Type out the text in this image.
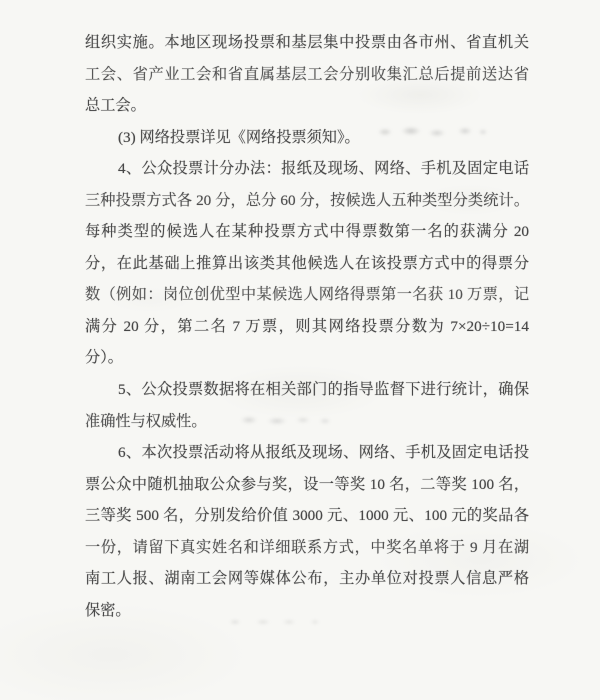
组织实施。本地区现场投票和基层集中投票由各市州、省直机关
工会、省产业工会和省直属基层工会分别收集汇总后提前送达省
总工会。
(3) 网络投票详见《网络投票须知》。
4、公众投票计分办法：报纸及现场、网络、手机及固定电话
三种投票方式各 20 分，总分 60 分，按候选人五种类型分类统计。
每种类型的候选人在某种投票方式中得票数第一名的获满分 20
分，在此基础上推算出该类其他候选人在该投票方式中的得票分
数（例如：岗位创优型中某候选人网络得票第一名获 10 万票，记
满分 20 分，第二名 7 万票，则其网络投票分数为 7×20÷10=14
分）。
5、公众投票数据将在相关部门的指导监督下进行统计，确保
准确性与权威性。
6、本次投票活动将从报纸及现场、网络、手机及固定电话投
票公众中随机抽取公众参与奖，设一等奖 10 名，二等奖 100 名，
三等奖 500 名，分别发给价值 3000 元、1000 元、100 元的奖品各
一份，请留下真实姓名和详细联系方式，中奖名单将于 9 月在湖
南工人报、湖南工会网等媒体公布，主办单位对投票人信息严格
保密。
